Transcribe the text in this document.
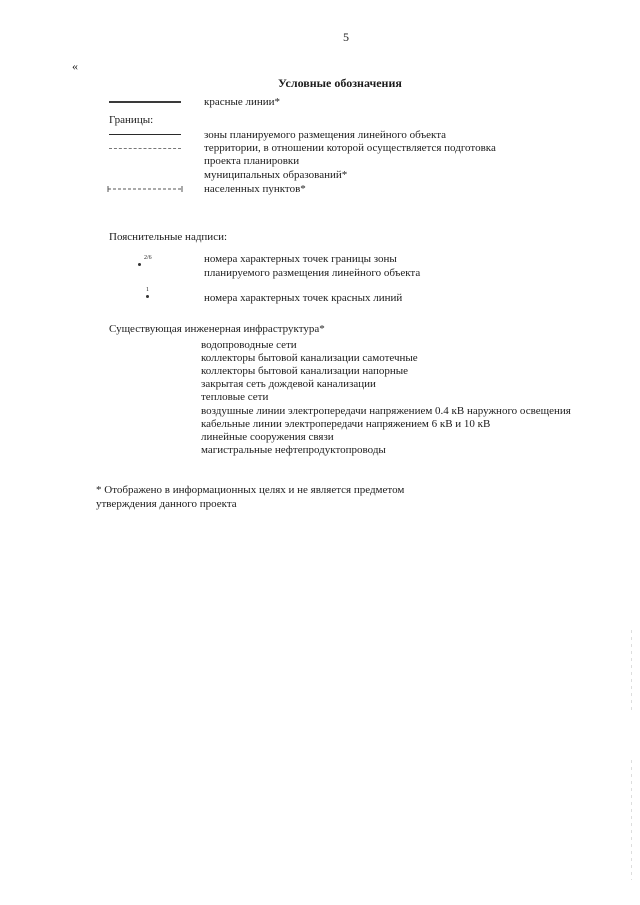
5
«
Условные обозначения
красные линии*
Границы:
зоны планируемого размещения линейного объекта
территории, в отношении которой осуществляется подготовка
проекта планировки
муниципальных образований*
населенных пунктов*
Пояснительные надписи:
2/6	номера характерных точек границы зоны
планируемого размещения линейного объекта
1
номера характерных точек красных линий
Существующая инженерная инфраструктура*
водопроводные сети
коллекторы бытовой канализации самотечные
коллекторы бытовой канализации напорные
закрытая сеть дождевой канализации
тепловые сети
воздушные линии электропередачи напряжением 0.4 кВ наружного освещения
кабельные линии электропередачи напряжением 6 кВ и 10 кВ
линейные сооружения связи
магистральные нефтепродуктопроводы
* Отображено в информационных целях и не является предметом
утверждения данного проекта
